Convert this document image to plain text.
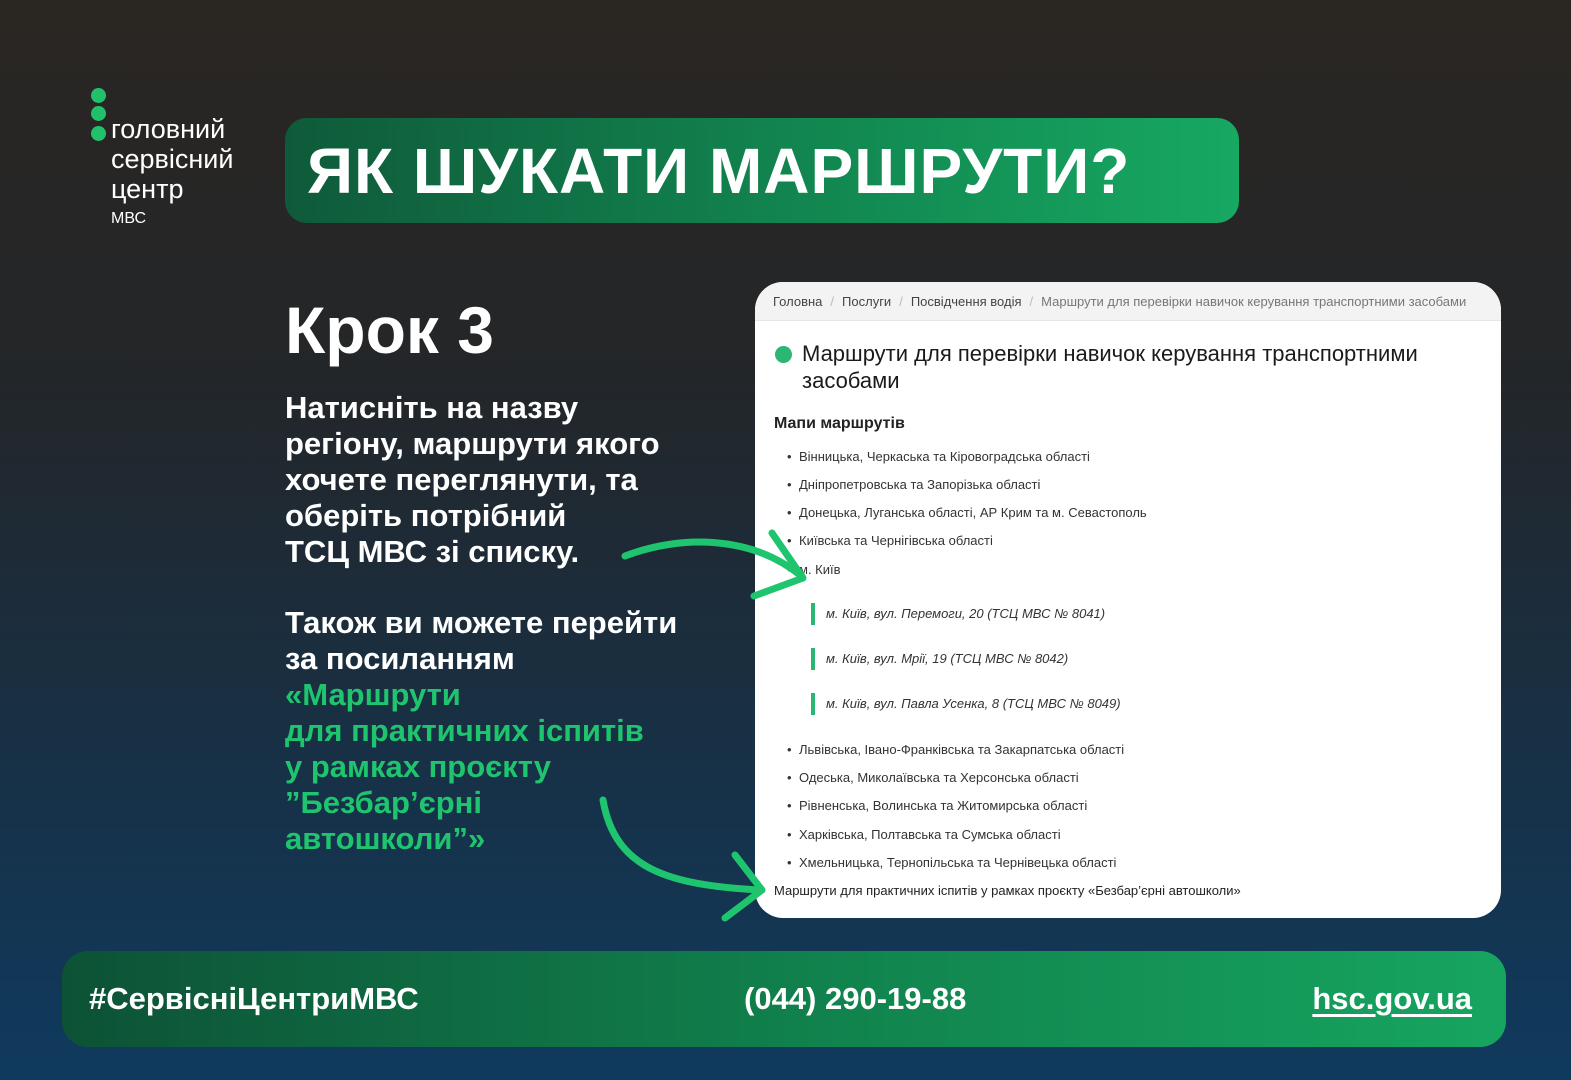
головний
сервісний
центр
МВС
ЯК ШУКАТИ МАРШРУТИ?
Крок 3

Натисніть на назву
регіону, маршрути якого
хочете переглянути, та
оберіть потрібний
ТСЦ МВС зі списку.

Також ви можете перейти
за посиланням
«Маршрути
для практичних іспитів
у рамках проєкту
”Безбар’єрні
автошколи”»

Головна / Послуги / Посвідчення водія / Маршрути для перевірки навичок керування транспортними засобами
Маршрути для перевірки навичок керування транспортними засобами
Мапи маршрутів
• Вінницька, Черкаська та Кіровоградська області
• Дніпропетровська та Запорізька області
• Донецька, Луганська області, АР Крим та м. Севастополь
• Київська та Чернігівська області
• м. Київ
м. Київ, вул. Перемоги, 20 (ТСЦ МВС № 8041)
м. Київ, вул. Мрії, 19 (ТСЦ МВС № 8042)
м. Київ, вул. Павла Усенка, 8 (ТСЦ МВС № 8049)
• Львівська, Івано-Франківська та Закарпатська області
• Одеська, Миколаївська та Херсонська області
• Рівненська, Волинська та Житомирська області
• Харківська, Полтавська та Сумська області
• Хмельницька, Тернопільська та Чернівецька області
Маршрути для практичних іспитів у рамках проєкту «Безбар’єрні автошколи»
#СервісніЦентриМВС	(044) 290-19-88	hsc.gov.ua
